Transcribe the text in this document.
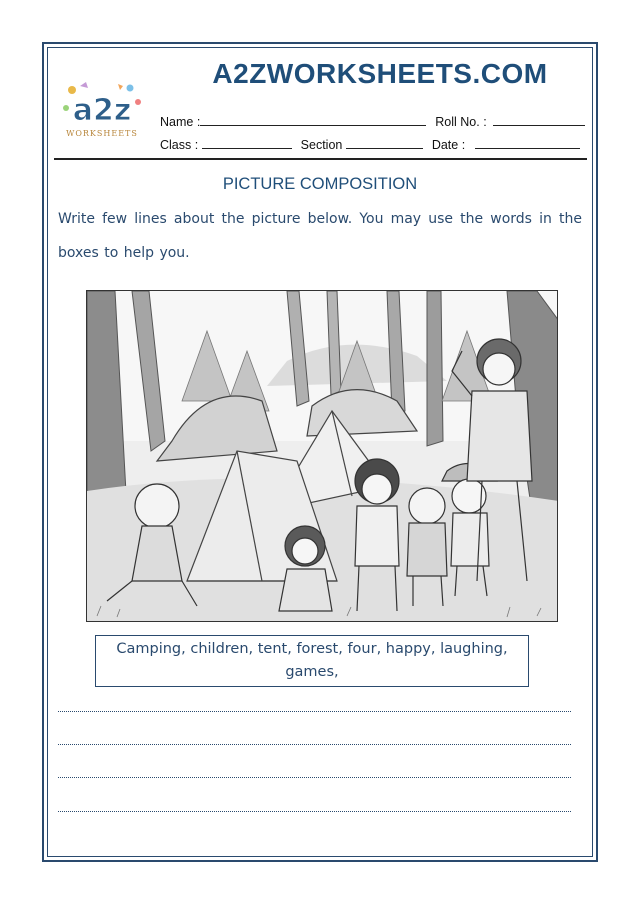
a2z
WORKSHEETS
A2ZWORKSHEETS.COM
Name :	Roll No. :
Class :	Section	Date :
PICTURE COMPOSITION
Write few lines about the picture below. You may use the words in the
boxes to help you.
Camping, children, tent, forest, four, happy, laughing, games,
